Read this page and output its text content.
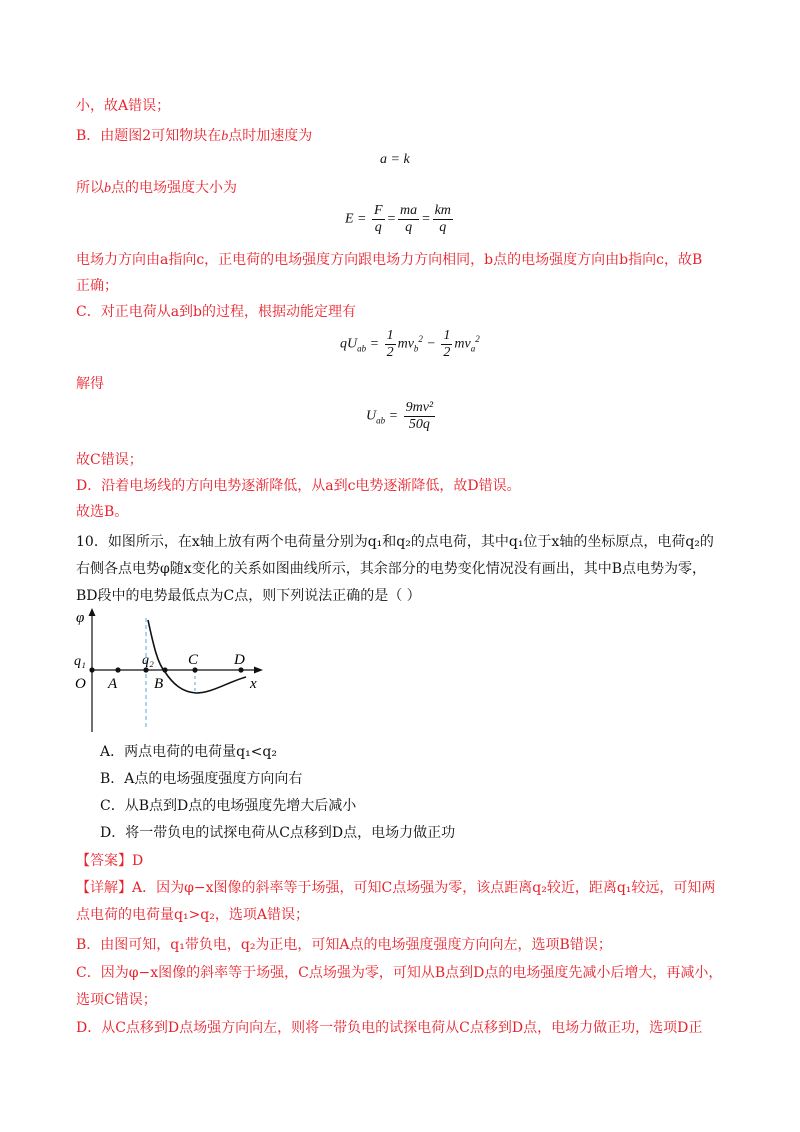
小，故A错误；
B．由题图2可知物块在b点时加速度为
a = k
所以b点的电场强度大小为
$E = \frac{F}{q} = \frac{ma}{q} = \frac{km}{q}$
电场力方向由a指向c，正电荷的电场强度方向跟电场力方向相同，b点的电场强度方向由b指向c，故B
正确；
C．对正电荷从a到b的过程，根据动能定理有
$qU_{ab} = \frac{1}{2} mv_b^2 - \frac{1}{2} mv_a^2$
解得
$U_{ab} = \frac{\text{9mv²}}{50q}$
故C错误；
D．沿着电场线的方向电势逐渐降低，从a到c电势逐渐降低，故D错误。
故选B。
10．如图所示，在x轴上放有两个电荷量分别为q₁和q₂的点电荷，其中q₁位于x轴的坐标原点，电荷q₂的
右侧各点电势φ随x变化的关系如图曲线所示，其余部分的电势变化情况没有画出，其中B点电势为零，
BD段中的电势最低点为C点，则下列说法正确的是（ ）
φ
q₁
O A
q₂
B
C D
x
A．两点电荷的电荷量q₁<q₂
B．A点的电场强度强度方向向右
C．从B点到D点的电场强度先增大后减小
D．将一带负电的试探电荷从C点移到D点，电场力做正功
【答案】D
【详解】A．因为φ−x图像的斜率等于场强，可知C点场强为零，该点距离q₂较近，距离q₁较远，可知两
点电荷的电荷量q₁>q₂，选项A错误；
B．由图可知，q₁带负电，q₂为正电，可知A点的电场强度强度方向向左，选项B错误；
C．因为φ−x图像的斜率等于场强，C点场强为零，可知从B点到D点的电场强度先减小后增大，再减小，
选项C错误；
D．从C点移到D点场强方向向左，则将一带负电的试探电荷从C点移到D点，电场力做正功，选项D正
